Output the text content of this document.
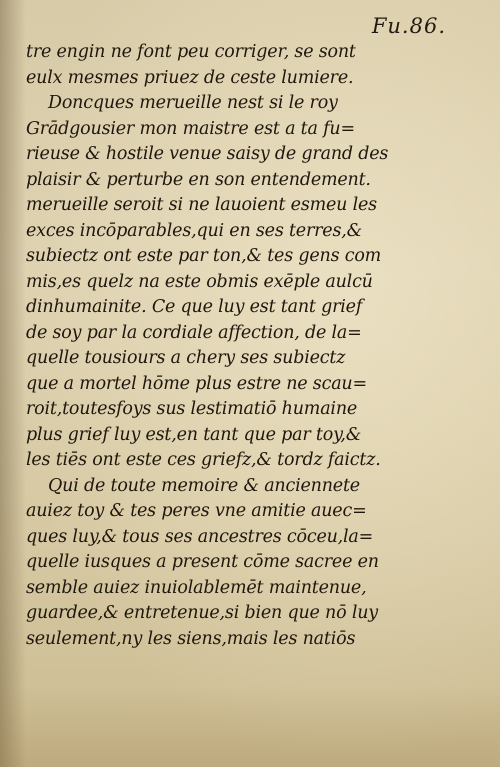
Fu.86.
tre engin ne font peu corriger, se sont
eulx mesmes priuez de ceste lumiere.
Doncques merueille nest si le roy
Grādgousier mon maistre est a ta fu=
rieuse & hostile venue saisy de grand des
plaisir & perturbe en son entendement.
merueille seroit si ne lauoient esmeu les
exces incōparables,qui en ses terres,&
subiectz ont este par ton,& tes gens com
mis,es quelz na este obmis exēple aulcū
dinhumainite. Ce que luy est tant grief
de soy par la cordiale affection, de la=
quelle tousiours a chery ses subiectz
que a mortel hōme plus estre ne scau=
roit,toutesfoys sus lestimatiō humaine
plus grief luy est,en tant que par toy,&
les tiēs ont este ces griefz,& tordz faictz.
Qui de toute memoire & anciennete
auiez toy & tes peres vne amitie auec=
ques luy,& tous ses ancestres cōceu,la=
quelle iusques a present cōme sacree en
semble auiez inuiolablemēt maintenue,
guardee,& entretenue,si bien que nō luy
seulement,ny les siens,mais les natiōs
